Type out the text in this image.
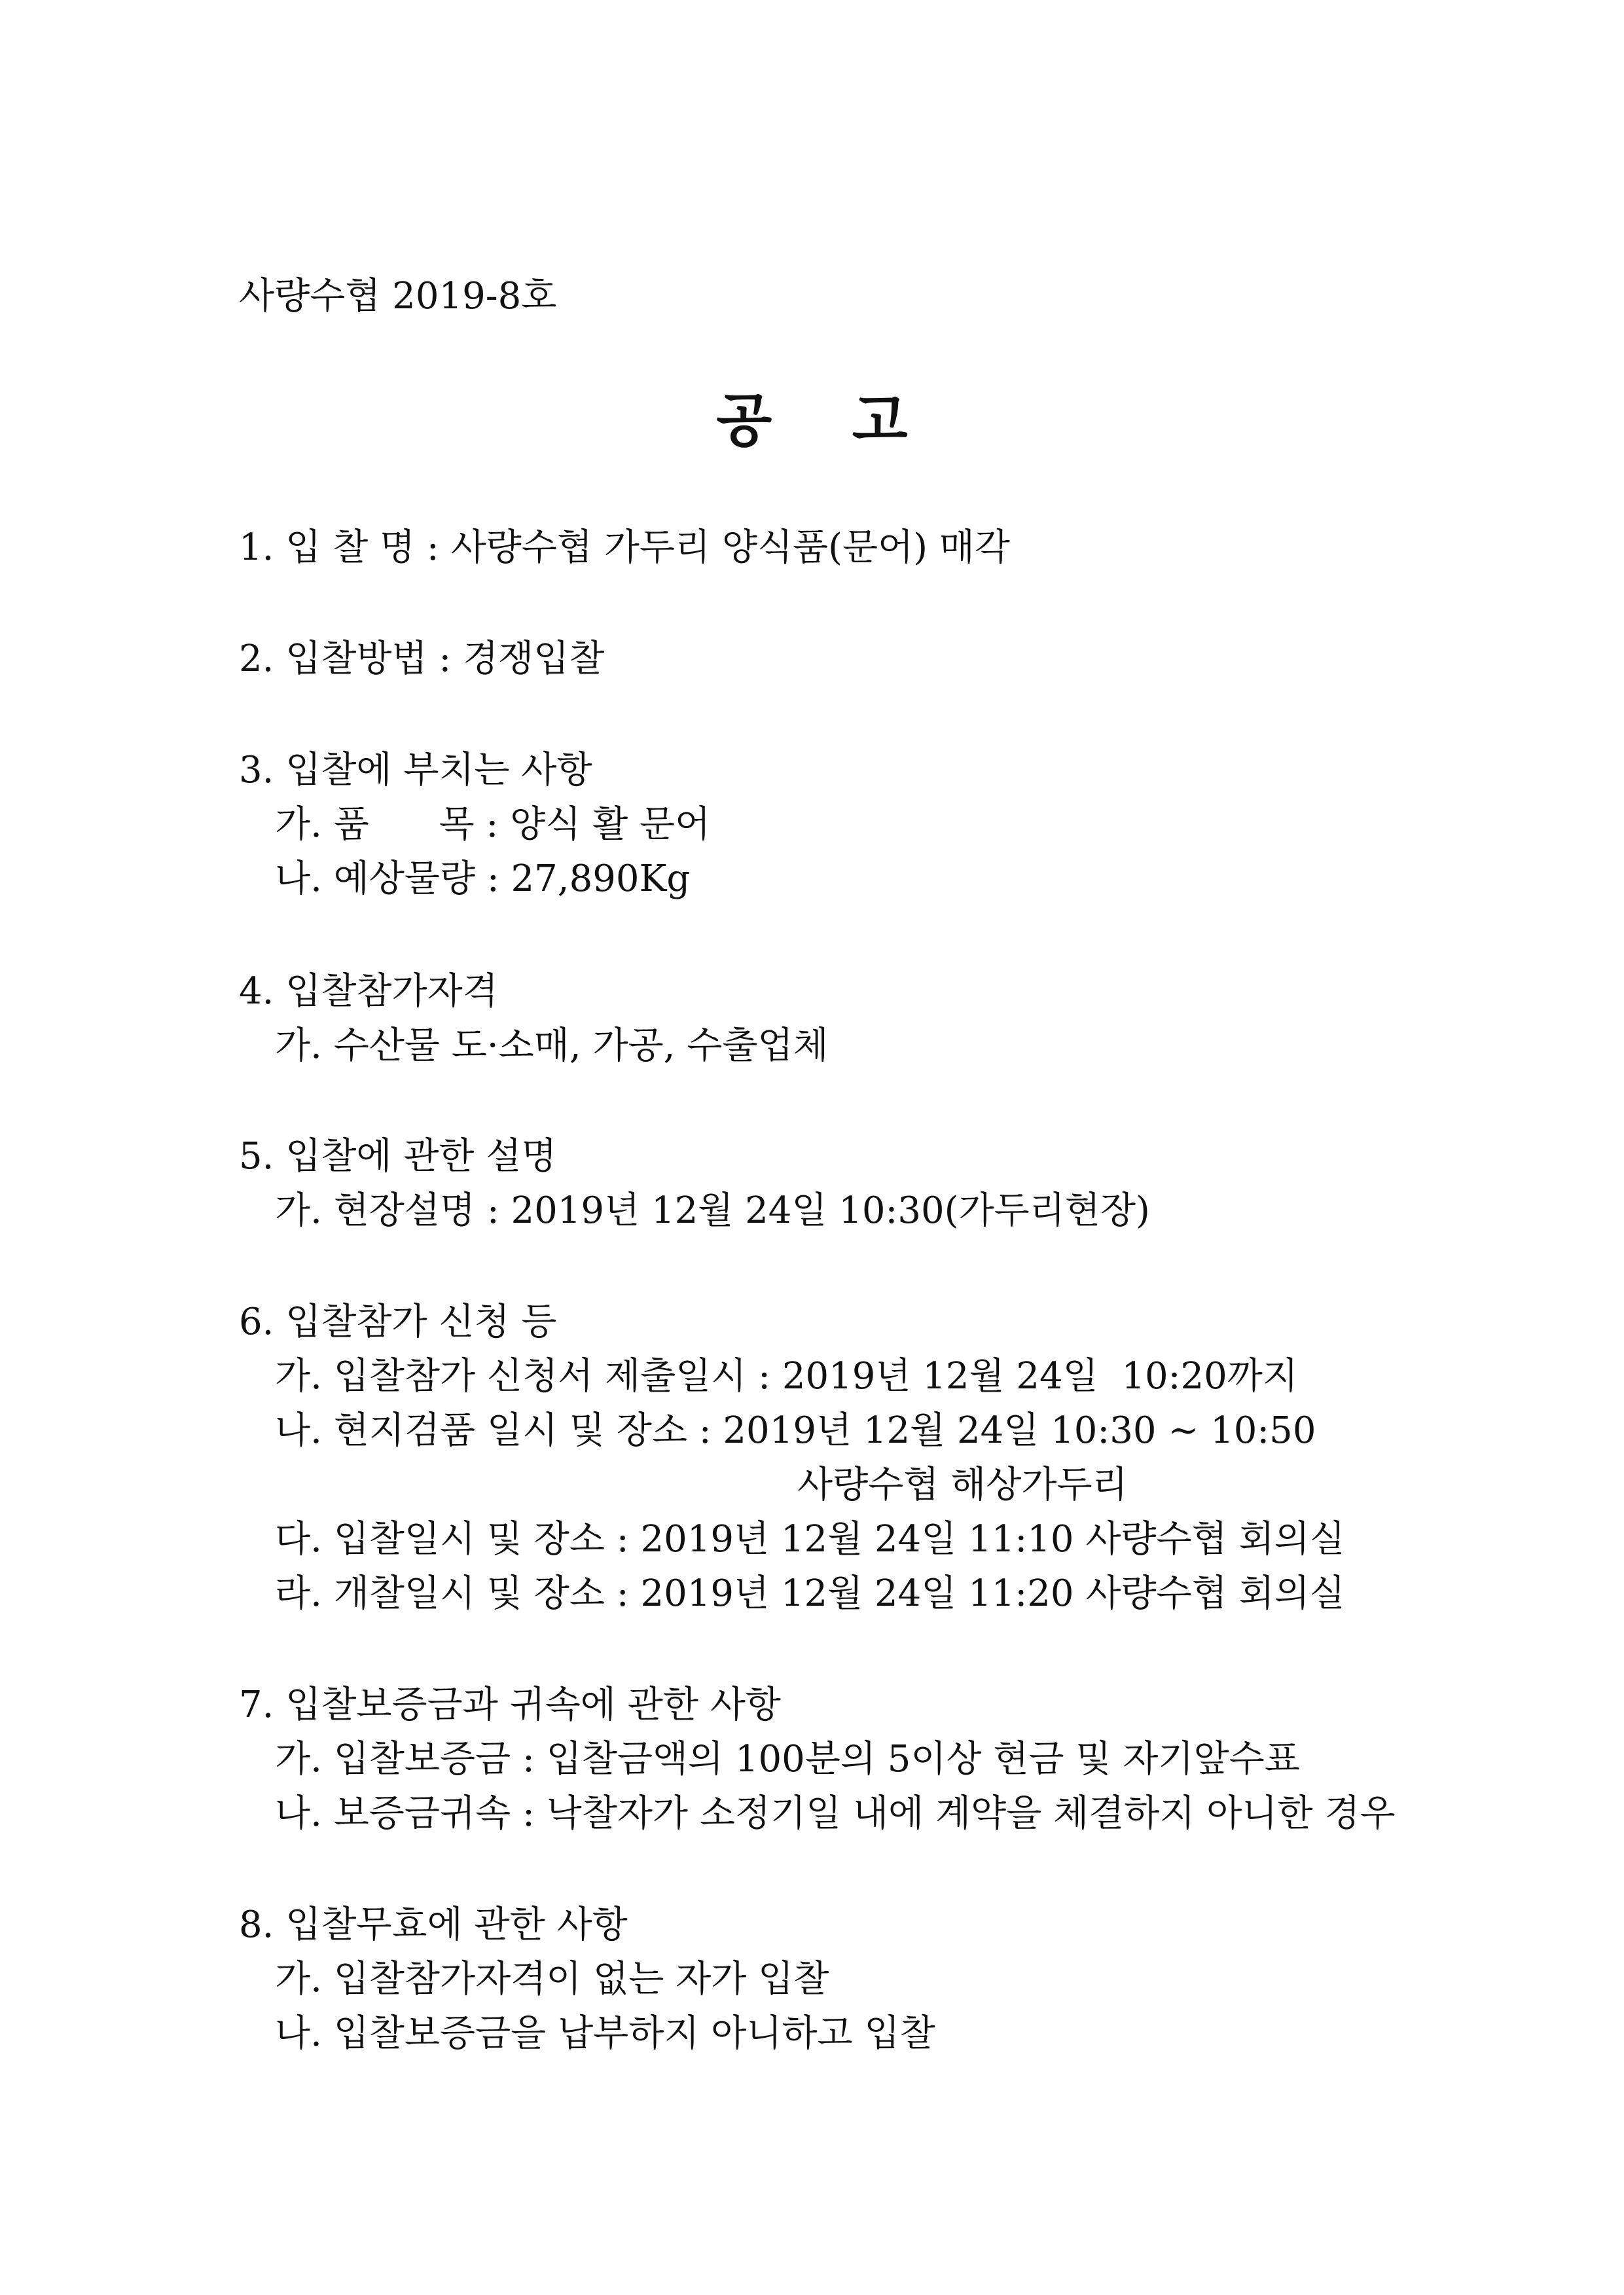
사량수협 2019-8호
공    고
1. 입 찰 명 : 사량수협 가두리 양식품(문어) 매각
2. 입찰방법 : 경쟁입찰
3. 입찰에 부치는 사항
가. 품      목 : 양식 활 문어
나. 예상물량 : 27,890Kg
4. 입찰참가자격
가. 수산물 도·소매, 가공, 수출업체
5. 입찰에 관한 설명
가. 현장설명 : 2019년 12월 24일 10:30(가두리현장)
6. 입찰참가 신청 등
가. 입찰참가 신청서 제출일시 : 2019년 12월 24일  10:20까지
나. 현지검품 일시 및 장소 : 2019년 12월 24일 10:30 ~ 10:50
사량수협 해상가두리
다. 입찰일시 및 장소 : 2019년 12월 24일 11:10 사량수협 회의실
라. 개찰일시 및 장소 : 2019년 12월 24일 11:20 사량수협 회의실
7. 입찰보증금과 귀속에 관한 사항
가. 입찰보증금 : 입찰금액의 100분의 5이상 현금 및 자기앞수표
나. 보증금귀속 : 낙찰자가 소정기일 내에 계약을 체결하지 아니한 경우
8. 입찰무효에 관한 사항
가. 입찰참가자격이 없는 자가 입찰
나. 입찰보증금을 납부하지 아니하고 입찰
